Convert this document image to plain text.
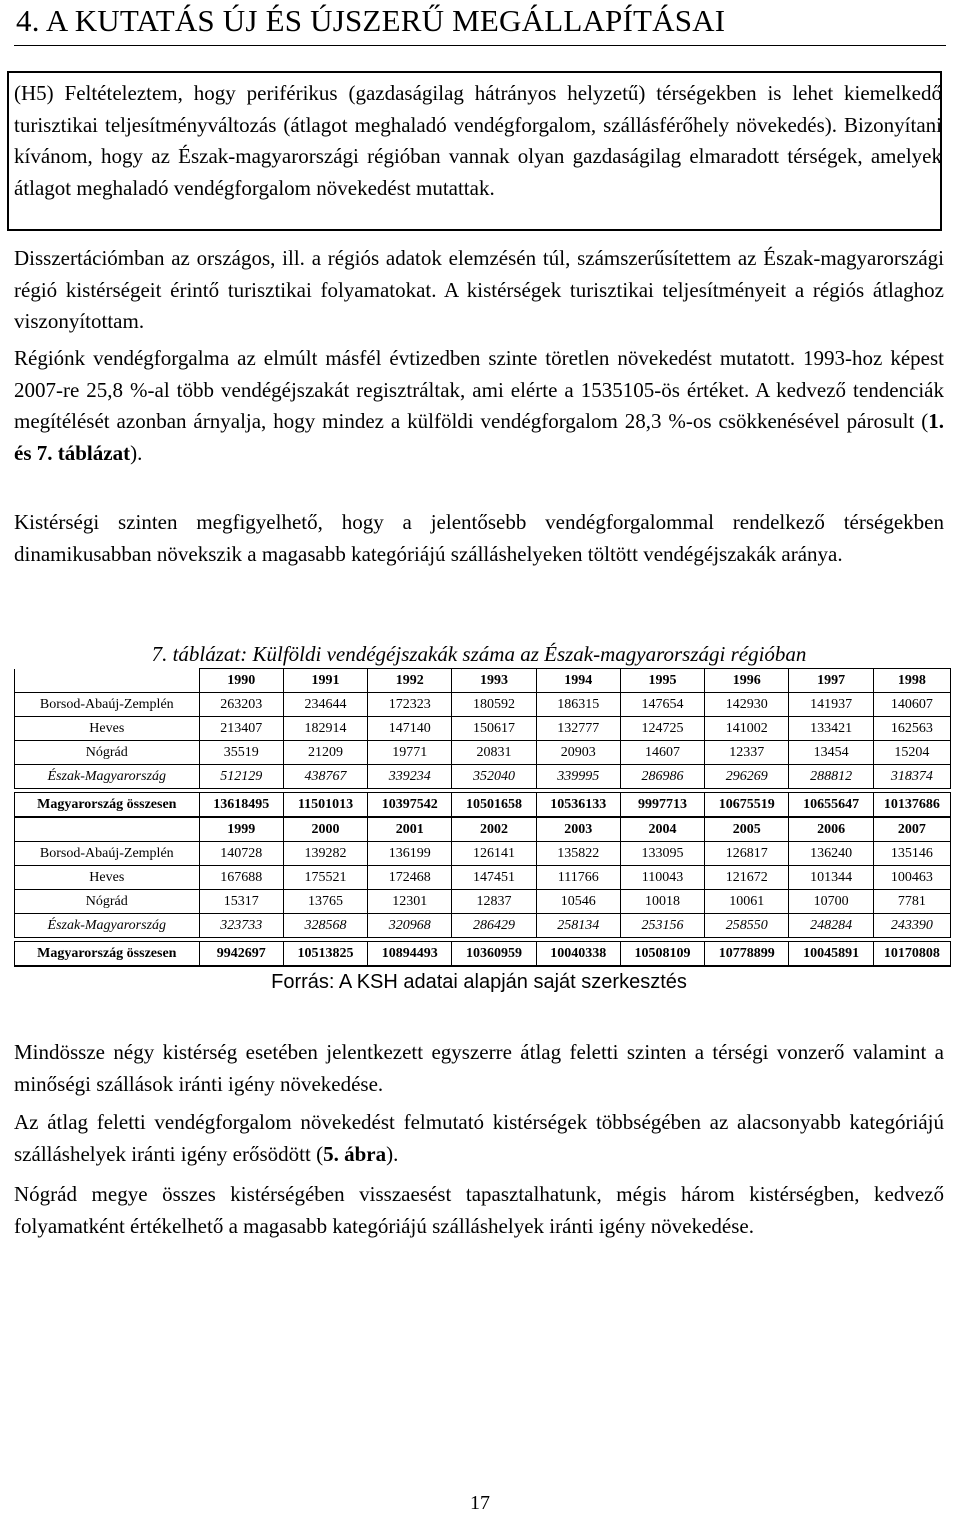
4. A KUTATÁS ÚJ ÉS ÚJSZERŰ MEGÁLLAPÍTÁSAI

(H5) Feltételeztem, hogy periférikus (gazdaságilag hátrányos helyzetű) térségekben is lehet kiemelkedő turisztikai teljesítményváltozás (átlagot meghaladó vendégforgalom, szállásférőhely növekedés). Bizonyítani kívánom, hogy az Észak-magyarországi régióban vannak olyan gazdaságilag elmaradott térségek, amelyek átlagot meghaladó vendégforgalom növekedést mutattak.

Disszertációmban az országos, ill. a régiós adatok elemzésén túl, számszerűsítettem az Észak-magyarországi régió kistérségeit érintő turisztikai folyamatokat. A kistérségek turisztikai teljesítményeit a régiós átlaghoz viszonyítottam.

Régiónk vendégforgalma az elmúlt másfél évtizedben szinte töretlen növekedést mutatott. 1993-hoz képest 2007-re 25,8 %-al több vendégéjszakát regisztráltak, ami elérte a 1535105-ös értéket. A kedvező tendenciák megítélését azonban árnyalja, hogy mindez a külföldi vendégforgalom 28,3 %-os csökkenésével párosult (1. és 7. táblázat).

Kistérségi szinten megfigyelhető, hogy a jelentősebb vendégforgalommal rendelkező térségekben dinamikusabban növekszik a magasabb kategóriájú szálláshelyeken töltött vendégéjszakák aránya.

7. táblázat: Külföldi vendégéjszakák száma az Észak-magyarországi régióban
	1990	1991	1992	1993	1994	1995	1996	1997	1998
Borsod-Abaúj-Zemplén	263203	234644	172323	180592	186315	147654	142930	141937	140607
Heves	213407	182914	147140	150617	132777	124725	141002	133421	162563
Nógrád	35519	21209	19771	20831	20903	14607	12337	13454	15204
Észak-Magyarország	512129	438767	339234	352040	339995	286986	296269	288812	318374

Magyarország összesen	13618495	11501013	10397542	10501658	10536133	9997713	10675519	10655647	10137686
	1999	2000	2001	2002	2003	2004	2005	2006	2007
Borsod-Abaúj-Zemplén	140728	139282	136199	126141	135822	133095	126817	136240	135146
Heves	167688	175521	172468	147451	111766	110043	121672	101344	100463
Nógrád	15317	13765	12301	12837	10546	10018	10061	10700	7781
Észak-Magyarország	323733	328568	320968	286429	258134	253156	258550	248284	243390

Magyarország összesen	9942697	10513825	10894493	10360959	10040338	10508109	10778899	10045891	10170808
Forrás: A KSH adatai alapján saját szerkesztés

Mindössze négy kistérség esetében jelentkezett egyszerre átlag feletti szinten a térségi vonzerő valamint a minőségi szállások iránti igény növekedése.

Az átlag feletti vendégforgalom növekedést felmutató kistérségek többségében az alacsonyabb kategóriájú szálláshelyek iránti igény erősödött (5. ábra).

Nógrád megye összes kistérségében visszaesést tapasztalhatunk, mégis három kistérségben, kedvező folyamatként értékelhető a magasabb kategóriájú szálláshelyek iránti igény növekedése.

17
